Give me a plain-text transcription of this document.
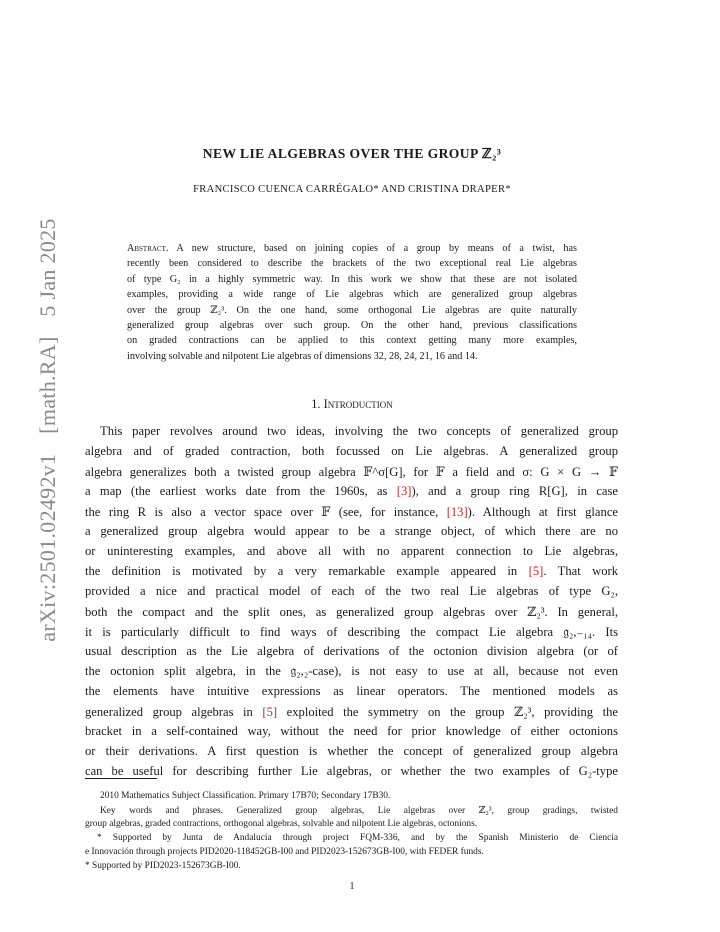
arXiv:2501.02492v1 [math.RA] 5 Jan 2025
NEW LIE ALGEBRAS OVER THE GROUP ℤ₂³
FRANCISCO CUENCA CARRÉGALO* AND CRISTINA DRAPER*
Abstract. A new structure, based on joining copies of a group by means of a twist, has
recently been considered to describe the brackets of the two exceptional real Lie algebras
of type G₂ in a highly symmetric way. In this work we show that these are not isolated
examples, providing a wide range of Lie algebras which are generalized group algebras
over the group ℤ₂³. On the one hand, some orthogonal Lie algebras are quite naturally
generalized group algebras over such group. On the other hand, previous classifications
on graded contractions can be applied to this context getting many more examples,
involving solvable and nilpotent Lie algebras of dimensions 32, 28, 24, 21, 16 and 14.
1. Introduction
This paper revolves around two ideas, involving the two concepts of generalized group
algebra and of graded contraction, both focussed on Lie algebras. A generalized group
algebra generalizes both a twisted group algebra 𝔽^σ[G], for 𝔽 a field and σ: G × G → 𝔽
a map (the earliest works date from the 1960s, as [3]), and a group ring R[G], in case
the ring R is also a vector space over 𝔽 (see, for instance, [13]). Although at first glance
a generalized group algebra would appear to be a strange object, of which there are no
or uninteresting examples, and above all with no apparent connection to Lie algebras,
the definition is motivated by a very remarkable example appeared in [5]. That work
provided a nice and practical model of each of the two real Lie algebras of type G₂,
both the compact and the split ones, as generalized group algebras over ℤ₂³. In general,
it is particularly difficult to find ways of describing the compact Lie algebra 𝔤₂,₋₁₄. Its
usual description as the Lie algebra of derivations of the octonion division algebra (or of
the octonion split algebra, in the 𝔤₂,₂-case), is not easy to use at all, because not even
the elements have intuitive expressions as linear operators. The mentioned models as
generalized group algebras in [5] exploited the symmetry on the group ℤ₂³, providing the
bracket in a self-contained way, without the need for prior knowledge of either octonions
or their derivations. A first question is whether the concept of generalized group algebra
can be useful for describing further Lie algebras, or whether the two examples of G₂-type
2010 Mathematics Subject Classification. Primary 17B70; Secondary 17B30.
Key words and phrases. Generalized group algebras, Lie algebras over ℤ₂³, group gradings, twisted
group algebras, graded contractions, orthogonal algebras, solvable and nilpotent Lie algebras, octonions.
* Supported by Junta de Andalucía through project FQM-336, and by the Spanish Ministerio de Ciencia
e Innovación through projects PID2020-118452GB-I00 and PID2023-152673GB-I00, with FEDER funds.
* Supported by PID2023-152673GB-I00.
1
